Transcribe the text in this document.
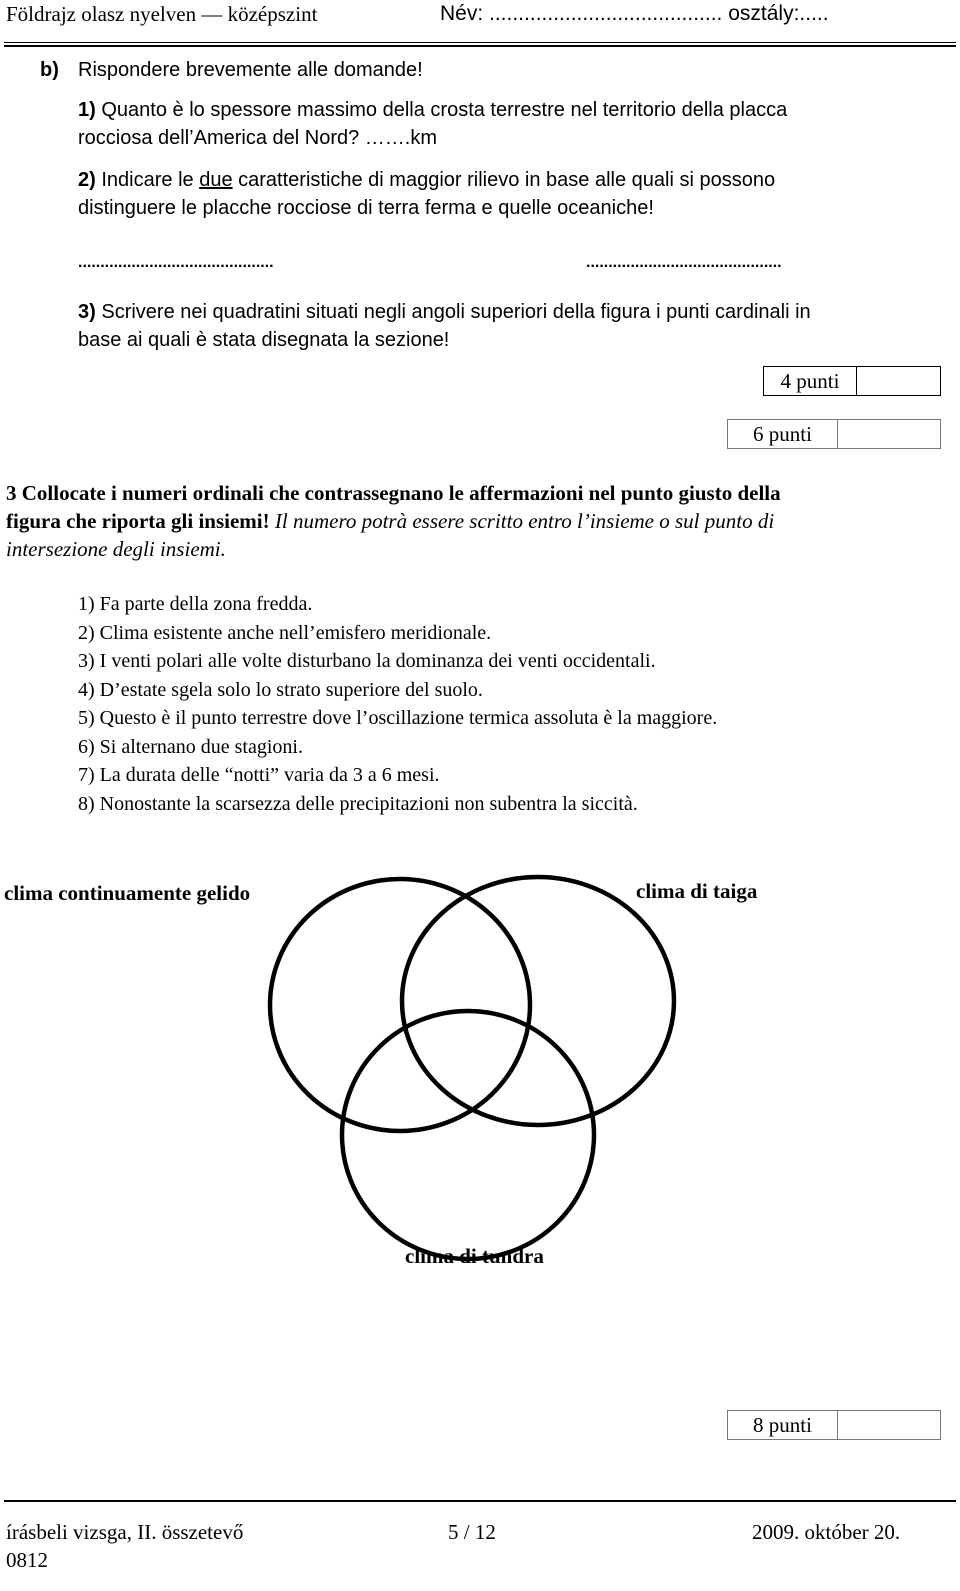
Földrajz olasz nyelven — középszint	Név: ........................................ osztály:.....
b) Rispondere brevemente alle domande!
1) Quanto è lo spessore massimo della crosta terrestre nel territorio della placca
rocciosa dell’America del Nord? …….km
2) Indicare le due caratteristiche di maggior rilievo in base alle quali si possono
distinguere le placche rocciose di terra ferma e quelle oceaniche!
............................................	............................................
3) Scrivere nei quadratini situati negli angoli superiori della figura i punti cardinali in
base ai quali è stata disegnata la sezione!
4 punti
6 punti
3 Collocate i numeri ordinali che contrassegnano le affermazioni nel punto giusto della
figura che riporta gli insiemi! Il numero potrà essere scritto entro l’insieme o sul punto di
intersezione degli insiemi.
1) Fa parte della zona fredda.
2) Clima esistente anche nell’emisfero meridionale.
3) I venti polari alle volte disturbano la dominanza dei venti occidentali.
4) D’estate sgela solo lo strato superiore del suolo.
5) Questo è il punto terrestre dove l’oscillazione termica assoluta è la maggiore.
6) Si alternano due stagioni.
7) La durata delle “notti” varia da 3 a 6 mesi.
8) Nonostante la scarsezza delle precipitazioni non subentra la siccità.
clima continuamente gelido	clima di taiga
clima di tundra
8 punti
írásbeli vizsga, II. összetevő	5 / 12	2009. október 20.
0812
